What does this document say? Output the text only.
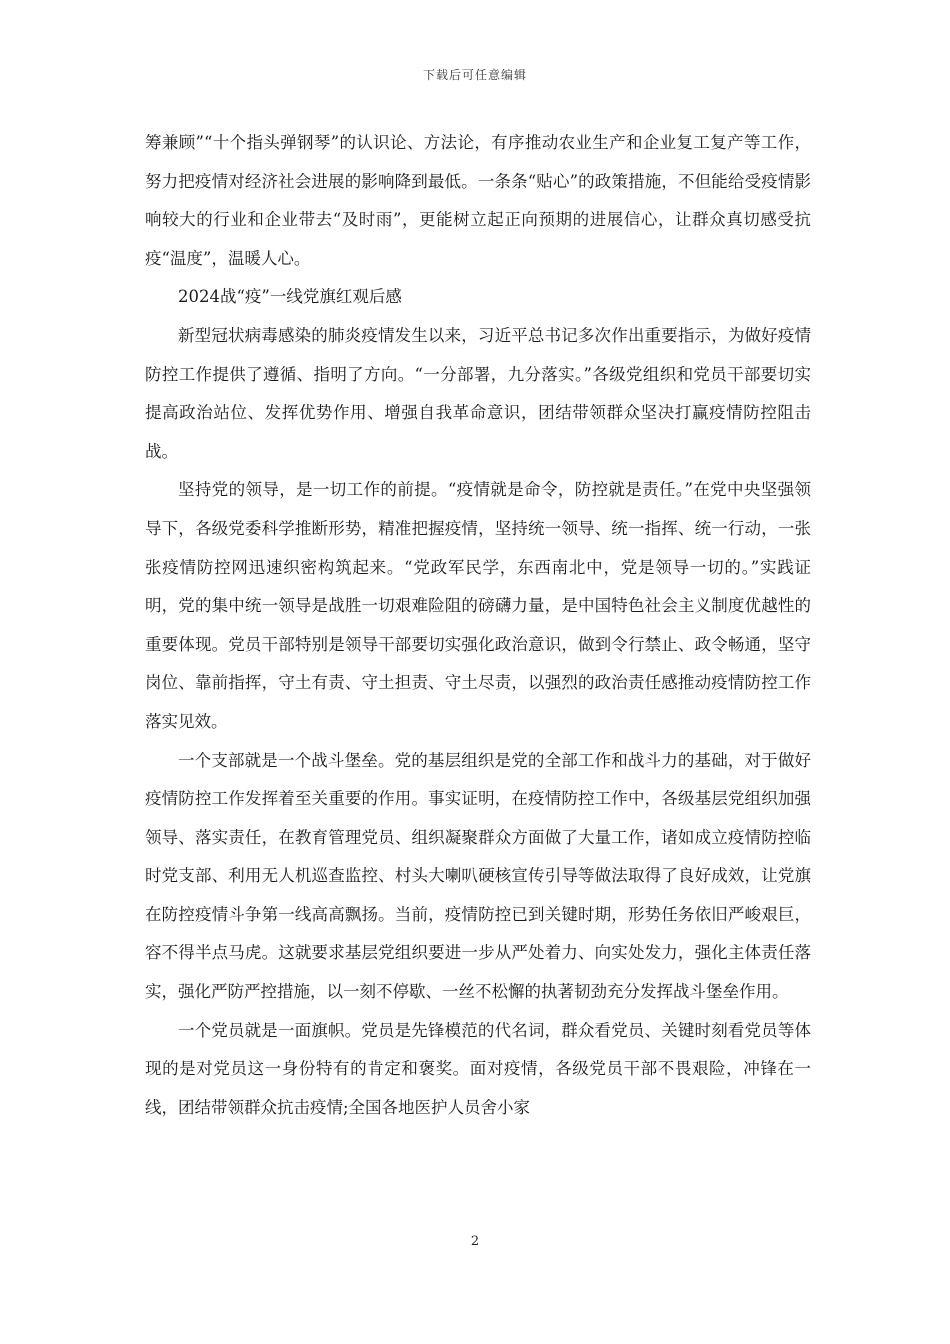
下载后可任意编辑

筹兼顾”“十个指头弹钢琴”的认识论、方法论，有序推动农业生产和企业复工复产等工作，努力把疫情对经济社会进展的影响降到最低。一条条“贴心”的政策措施，不但能给受疫情影响较大的行业和企业带去“及时雨”，更能树立起正向预期的进展信心，让群众真切感受抗疫“温度”，温暖人心。

2024战“疫”一线党旗红观后感

新型冠状病毒感染的肺炎疫情发生以来，习近平总书记多次作出重要指示，为做好疫情防控工作提供了遵循、指明了方向。“一分部署，九分落实。”各级党组织和党员干部要切实提高政治站位、发挥优势作用、增强自我革命意识，团结带领群众坚决打赢疫情防控阻击战。

坚持党的领导，是一切工作的前提。“疫情就是命令，防控就是责任。”在党中央坚强领导下，各级党委科学推断形势，精准把握疫情，坚持统一领导、统一指挥、统一行动，一张张疫情防控网迅速织密构筑起来。“党政军民学，东西南北中，党是领导一切的。”实践证明，党的集中统一领导是战胜一切艰难险阻的磅礴力量，是中国特色社会主义制度优越性的重要体现。党员干部特别是领导干部要切实强化政治意识，做到令行禁止、政令畅通，坚守岗位、靠前指挥，守土有责、守土担责、守土尽责，以强烈的政治责任感推动疫情防控工作落实见效。

一个支部就是一个战斗堡垒。党的基层组织是党的全部工作和战斗力的基础，对于做好疫情防控工作发挥着至关重要的作用。事实证明，在疫情防控工作中，各级基层党组织加强领导、落实责任，在教育管理党员、组织凝聚群众方面做了大量工作，诸如成立疫情防控临时党支部、利用无人机巡查监控、村头大喇叭硬核宣传引导等做法取得了良好成效，让党旗在防控疫情斗争第一线高高飘扬。当前，疫情防控已到关键时期，形势任务依旧严峻艰巨，容不得半点马虎。这就要求基层党组织要进一步从严处着力、向实处发力，强化主体责任落实，强化严防严控措施，以一刻不停歇、一丝不松懈的执著韧劲充分发挥战斗堡垒作用。

一个党员就是一面旗帜。党员是先锋模范的代名词，群众看党员、关键时刻看党员等体现的是对党员这一身份特有的肯定和褒奖。面对疫情，各级党员干部不畏艰险，冲锋在一线，团结带领群众抗击疫情;全国各地医护人员舍小家

2
